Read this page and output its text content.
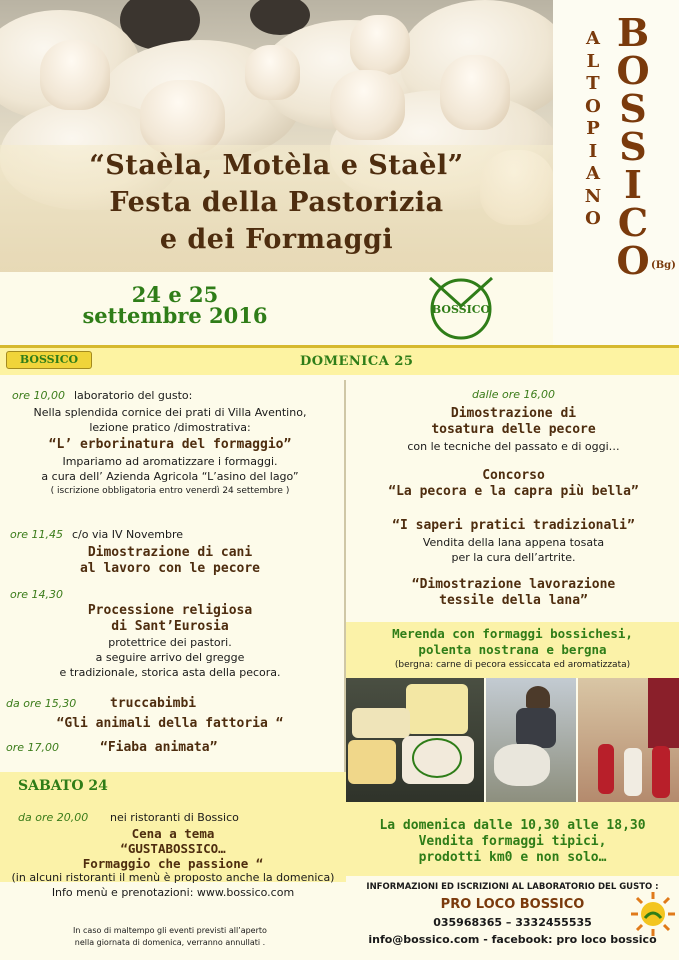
“Staèla, Motèla e Staèl”
Festa della Pastorizia
e dei Formaggi
A
L
T
O
P
I
A
N
O
B
O
S
S
I
C
O (Bg)
24 e 25
settembre 2016	BOSSICO
BOSSICO	DOMENICA 25
ore 10,00 laboratorio del gusto:
Nella splendida cornice dei prati di Villa Aventino,
lezione pratico /dimostrativa:
“L’ erborinatura del formaggio”
Impariamo ad aromatizzare i formaggi.
a cura dell’ Azienda Agricola “L’asino del lago”
( iscrizione obbligatoria entro venerdì 24 settembre )
ore 11,45 c/o via IV Novembre
Dimostrazione di cani
al lavoro con le pecore
ore 14,30
Processione religiosa
di Sant’Eurosia
protettrice dei pastori.
a seguire arrivo del gregge
e tradizionale, storica asta della pecora.
da ore 15,30	truccabimbi
“Gli animali della fattoria “
ore 17,00	“Fiaba animata”
dalle ore 16,00
Dimostrazione di
tosatura delle pecore
con le tecniche del passato e di oggi…
Concorso
“La pecora e la capra più bella”
“I saperi pratici tradizionali”
Vendita della lana appena tosata
per la cura dell’artrite.
“Dimostrazione lavorazione
tessile della lana”
Merenda con formaggi bossichesi,
polenta nostrana e bergna
(bergna: carne di pecora essiccata ed aromatizzata)
La domenica dalle 10,30 alle 18,30
Vendita formaggi tipici,
prodotti km0 e non solo…
SABATO 24
da ore 20,00 nei ristoranti di Bossico
Cena a tema
“GUSTABOSSICO…
Formaggio che passione “
(in alcuni ristoranti il menù è proposto anche la domenica)
Info menù e prenotazioni: www.bossico.com
In caso di maltempo gli eventi previsti all’aperto
nella giornata di domenica, verranno annullati .
INFORMAZIONI ED ISCRIZIONI AL LABORATORIO DEL GUSTO :
PRO LOCO BOSSICO
035968365 – 3332455535
info@bossico.com - facebook: pro loco bossico
